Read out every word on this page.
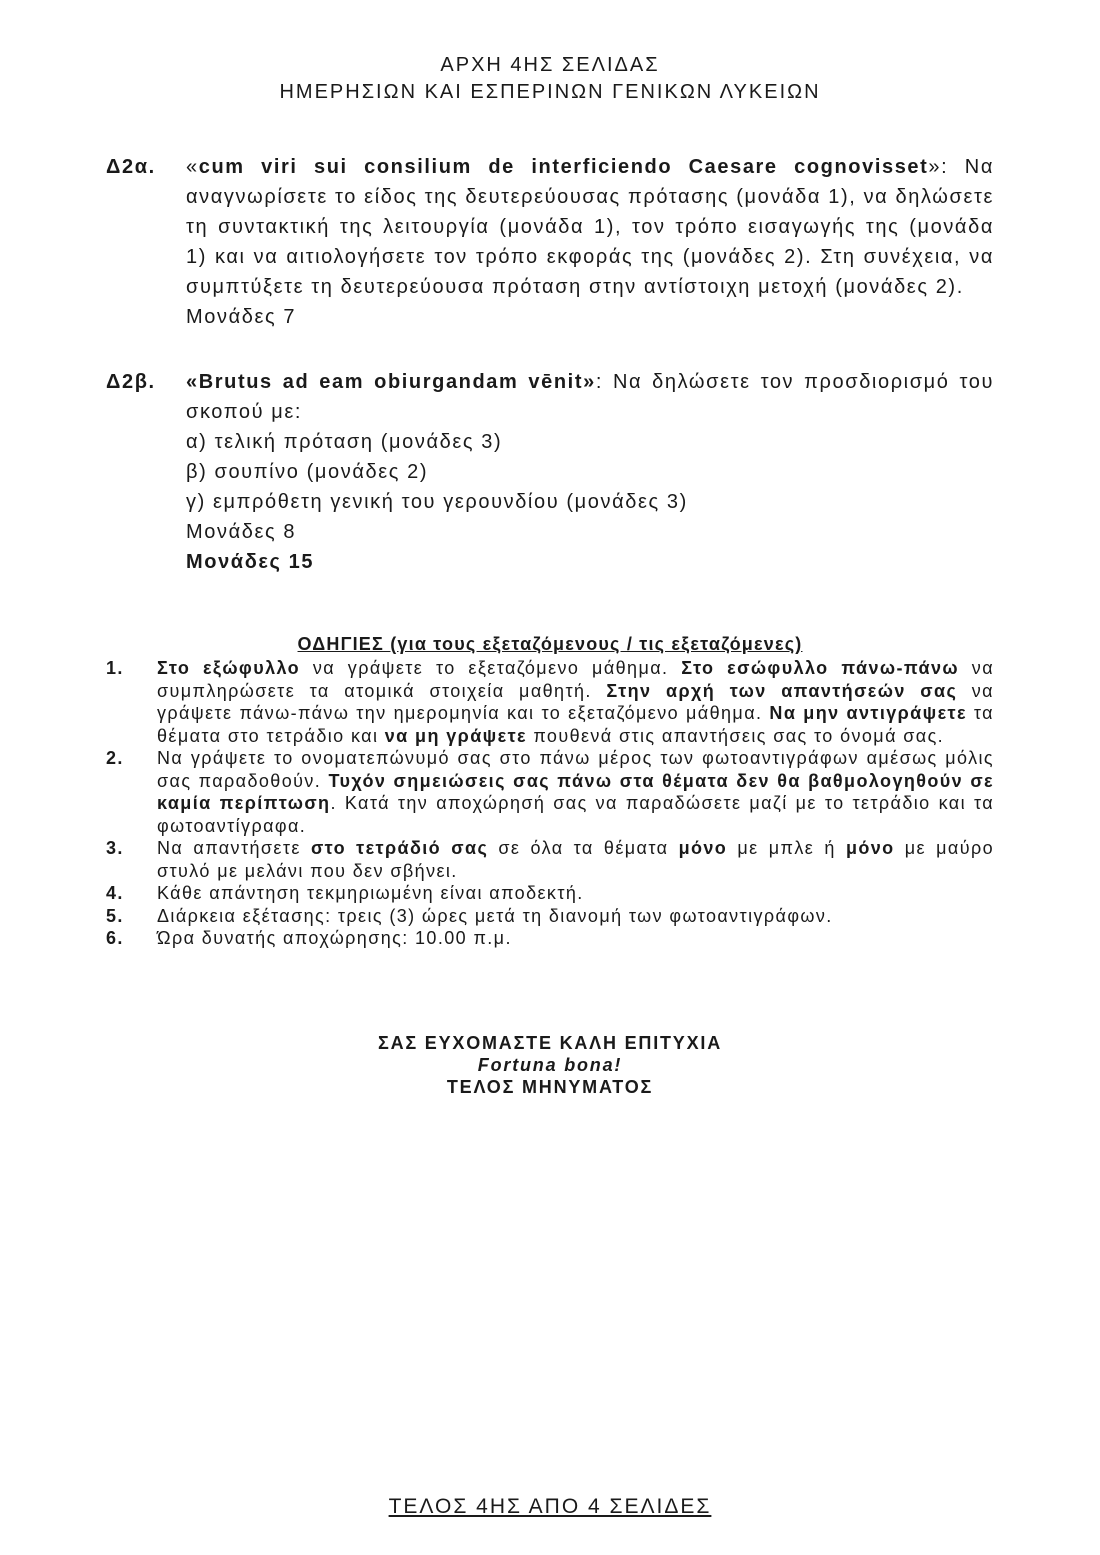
ΑΡΧΗ 4ΗΣ ΣΕΛΙΔΑΣ
ΗΜΕΡΗΣΙΩΝ ΚΑΙ ΕΣΠΕΡΙΝΩΝ ΓΕΝΙΚΩΝ ΛΥΚΕΙΩΝ
Δ2α. «cum viri sui consilium de interficiendo Caesare cognovisset»: Να αναγνωρίσετε το είδος της δευτερεύουσας πρότασης (μονάδα 1), να δηλώσετε τη συντακτική της λειτουργία (μονάδα 1), τον τρόπο εισαγωγής της (μονάδα 1) και να αιτιολογήσετε τον τρόπο εκφοράς της (μονάδες 2). Στη συνέχεια, να συμπτύξετε τη δευτερεύουσα πρόταση στην αντίστοιχη μετοχή (μονάδες 2).

Μονάδες 7

Δ2β. «Brutus ad eam obiurgandam vēnit»: Να δηλώσετε τον προσδιορισμό του σκοπού με:

α) τελική πρόταση (μονάδες 3)

β) σουπίνο (μονάδες 2)

γ) εμπρόθετη γενική του γερουνδίου (μονάδες 3)

Μονάδες 8

Μονάδες 15

ΟΔΗΓΙΕΣ (για τους εξεταζόμενους / τις εξεταζόμενες)
1. Στο εξώφυλλο να γράψετε το εξεταζόμενο μάθημα. Στο εσώφυλλο πάνω-πάνω να συμπληρώσετε τα ατομικά στοιχεία μαθητή. Στην αρχή των απαντήσεών σας να γράψετε πάνω-πάνω την ημερομηνία και το εξεταζόμενο μάθημα. Να μην αντιγράψετε τα θέματα στο τετράδιο και να μη γράψετε πουθενά στις απαντήσεις σας το όνομά σας.
2. Να γράψετε το ονοματεπώνυμό σας στο πάνω μέρος των φωτοαντιγράφων αμέσως μόλις σας παραδοθούν. Τυχόν σημειώσεις σας πάνω στα θέματα δεν θα βαθμολογηθούν σε καμία περίπτωση. Κατά την αποχώρησή σας να παραδώσετε μαζί με το τετράδιο και τα φωτοαντίγραφα.
3. Να απαντήσετε στο τετράδιό σας σε όλα τα θέματα μόνο με μπλε ή μόνο με μαύρο στυλό με μελάνι που δεν σβήνει.
4. Κάθε απάντηση τεκμηριωμένη είναι αποδεκτή.
5. Διάρκεια εξέτασης: τρεις (3) ώρες μετά τη διανομή των φωτοαντιγράφων.
6. Ώρα δυνατής αποχώρησης: 10.00 π.μ.
ΣΑΣ ΕΥΧΟΜΑΣΤΕ ΚΑΛΗ ΕΠΙΤΥΧΙΑ
Fortuna bona!
ΤΕΛΟΣ ΜΗΝΥΜΑΤΟΣ
ΤΕΛΟΣ 4ΗΣ ΑΠΟ 4 ΣΕΛΙΔΕΣ
